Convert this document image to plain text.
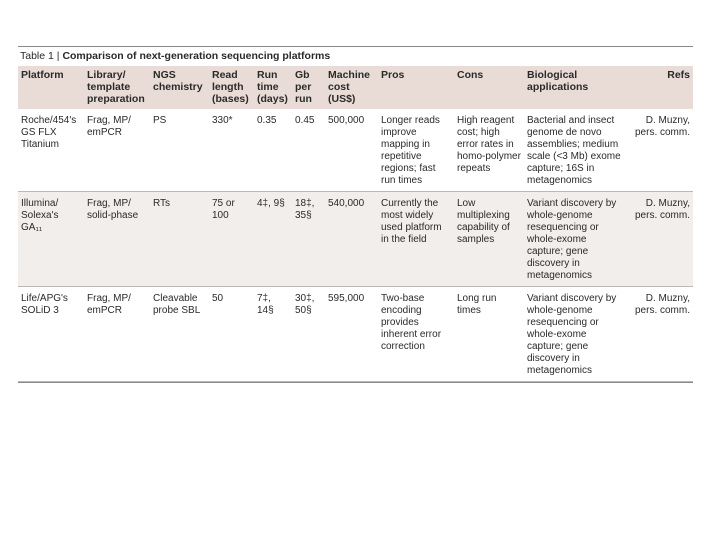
Table 1 | Comparison of next-generation sequencing platforms
Platform	Library/ template preparation	NGS chemistry	Read length (bases)	Run time (days)	Gb per run	Machine cost (US$)	Pros	Cons	Biological applications	Refs
Roche/454's GS FLX Titanium	Frag, MP/ emPCR	PS	330*	0.35	0.45	500,000	Longer reads improve mapping in repetitive regions; fast run times	High reagent cost; high error rates in homo-polymer repeats	Bacterial and insect genome de novo assemblies; medium scale (<3 Mb) exome capture; 16S in metagenomics	D. Muzny, pers. comm.
Illumina/ Solexa's GA₁₁	Frag, MP/ solid-phase	RTs	75 or 100	4‡, 9§	18‡, 35§	540,000	Currently the most widely used platform in the field	Low multiplexing capability of samples	Variant discovery by whole-genome resequencing or whole-exome capture; gene discovery in metagenomics	D. Muzny, pers. comm.
Life/APG's SOLiD 3	Frag, MP/ emPCR	Cleavable probe SBL	50	7‡, 14§	30‡, 50§	595,000	Two-base encoding provides inherent error correction	Long run times	Variant discovery by whole-genome resequencing or whole-exome capture; gene discovery in metagenomics	D. Muzny, pers. comm.
